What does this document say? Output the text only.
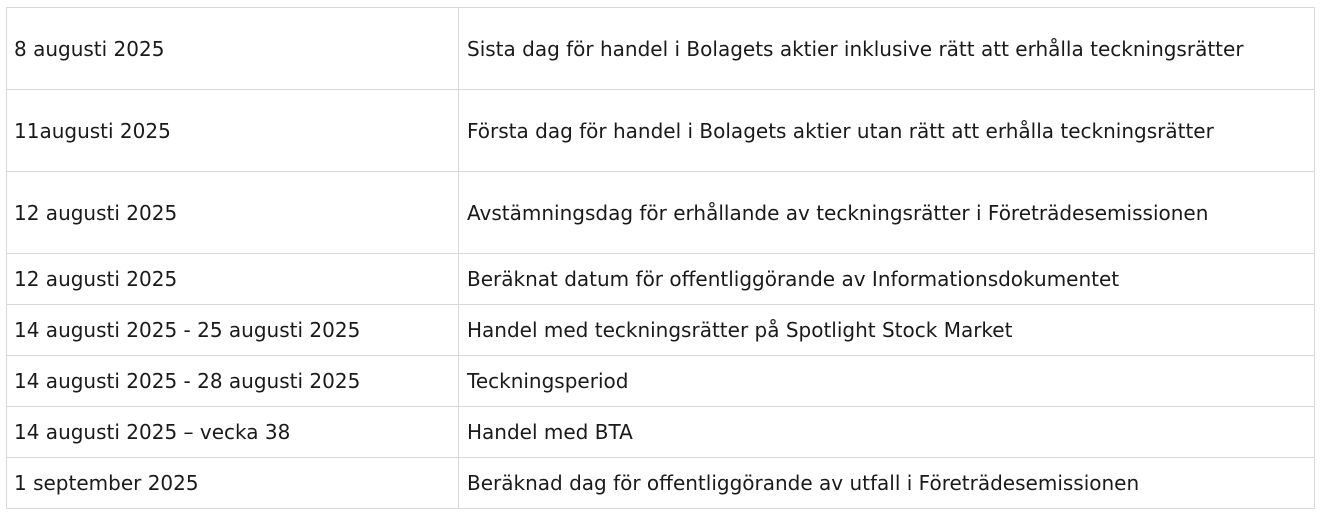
8 augusti 2025	Sista dag för handel i Bolagets aktier inklusive rätt att erhålla teckningsrätter
11augusti 2025	Första dag för handel i Bolagets aktier utan rätt att erhålla teckningsrätter
12 augusti 2025	Avstämningsdag för erhållande av teckningsrätter i Företrädesemissionen
12 augusti 2025	Beräknat datum för offentliggörande av Informationsdokumentet
14 augusti 2025 - 25 augusti 2025	Handel med teckningsrätter på Spotlight Stock Market
14 augusti 2025 - 28 augusti 2025	Teckningsperiod
14 augusti 2025 – vecka 38	Handel med BTA
1 september 2025	Beräknad dag för offentliggörande av utfall i Företrädesemissionen
